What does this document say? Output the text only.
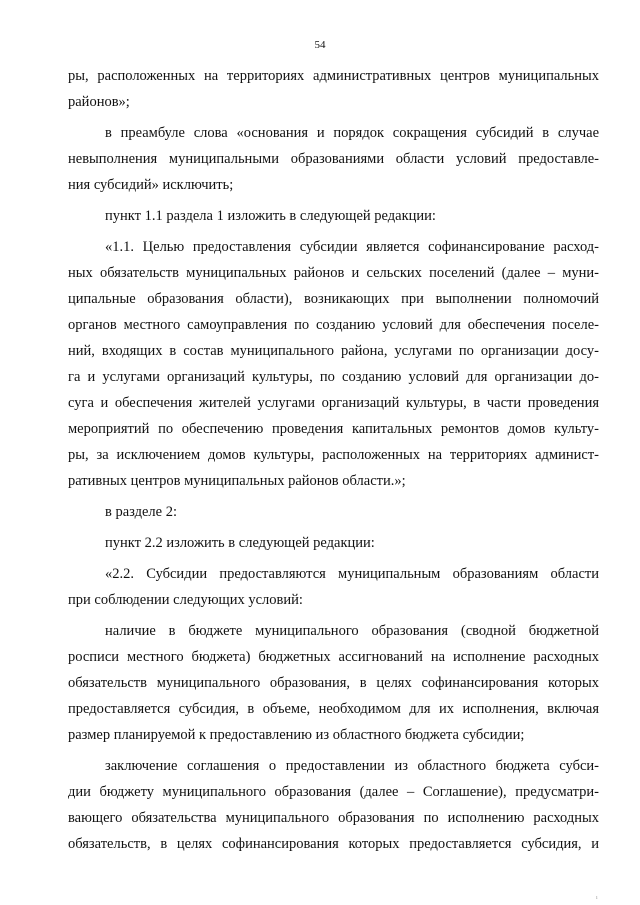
54
ры, расположенных на территориях административных центров муниципальных
районов»;
в преамбуле слова «основания и порядок сокращения субсидий в случае
невыполнения муниципальными образованиями области условий предоставле-
ния субсидий» исключить;
пункт 1.1 раздела 1 изложить в следующей редакции:
«1.1. Целью предоставления субсидии является софинансирование расход-
ных обязательств муниципальных районов и сельских поселений (далее – муни-
ципальные образования области), возникающих при выполнении полномочий
органов местного самоуправления по созданию условий для обеспечения поселе-
ний, входящих в состав муниципального района, услугами по организации досу-
га и услугами организаций культуры, по созданию условий для организации до-
суга и обеспечения жителей услугами организаций культуры, в части проведения
мероприятий по обеспечению проведения капитальных ремонтов домов культу-
ры, за исключением домов культуры, расположенных на территориях админист-
ративных центров муниципальных районов области.»;
в разделе 2:
пункт 2.2 изложить в следующей редакции:
«2.2. Субсидии предоставляются муниципальным образованиям области
при соблюдении следующих условий:
наличие в бюджете муниципального образования (сводной бюджетной
росписи местного бюджета) бюджетных ассигнований на исполнение расходных
обязательств муниципального образования, в целях софинансирования которых
предоставляется субсидия, в объеме, необходимом для их исполнения, включая
размер планируемой к предоставлению из областного бюджета субсидии;
заключение соглашения о предоставлении из областного бюджета субси-
дии бюджету муниципального образования (далее – Соглашение), предусматри-
вающего обязательства муниципального образования по исполнению расходных
обязательств, в целях софинансирования которых предоставляется субсидия, и
ı
